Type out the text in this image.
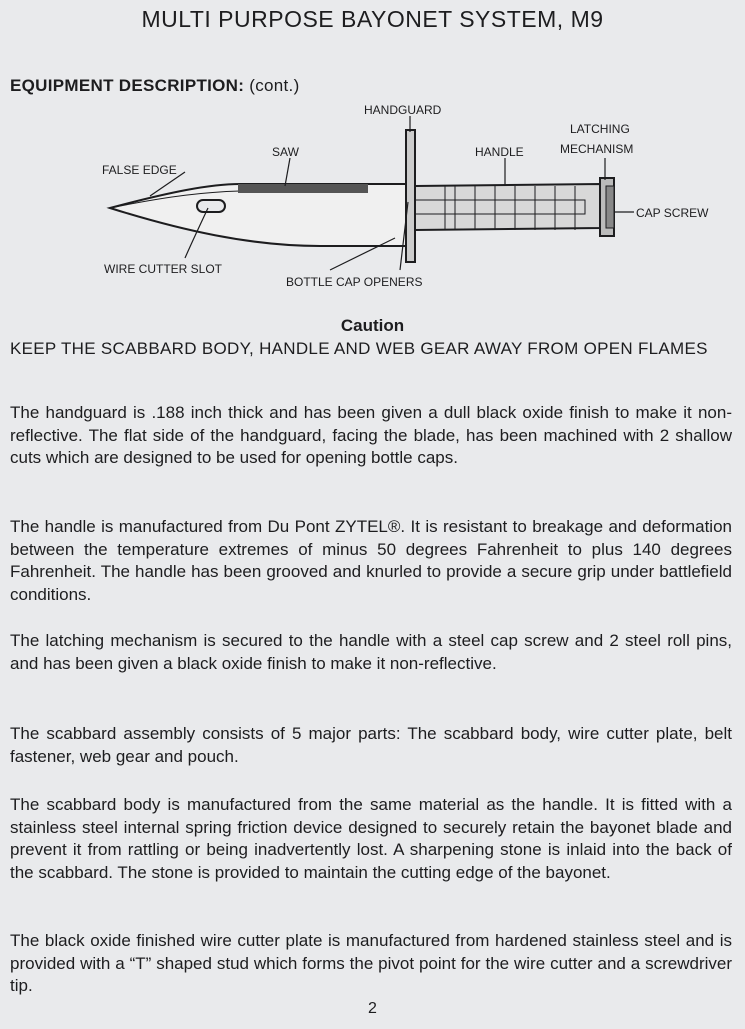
MULTI PURPOSE BAYONET SYSTEM, M9
EQUIPMENT DESCRIPTION: (cont.)
HANDGUARD
LATCHING
MECHANISM
SAW	HANDLE
FALSE EDGE
CAP SCREW
WIRE CUTTER SLOT
BOTTLE CAP OPENERS
Caution
KEEP THE SCABBARD BODY, HANDLE AND WEB GEAR AWAY FROM OPEN FLAMES

The handguard is .188 inch thick and has been given a dull black oxide finish to make it non-reflective. The flat side of the handguard, facing the blade, has been machined with 2 shallow cuts which are designed to be used for opening bottle caps.

The handle is manufactured from Du Pont ZYTEL®. It is resistant to breakage and deformation between the temperature extremes of minus 50 degrees Fahrenheit to plus 140 degrees Fahrenheit. The handle has been grooved and knurled to provide a secure grip under battlefield conditions.

The latching mechanism is secured to the handle with a steel cap screw and 2 steel roll pins, and has been given a black oxide finish to make it non-reflective.

The scabbard assembly consists of 5 major parts: The scabbard body, wire cutter plate, belt fastener, web gear and pouch.

The scabbard body is manufactured from the same material as the handle. It is fitted with a stainless steel internal spring friction device designed to securely retain the bayonet blade and prevent it from rattling or being inadvertently lost. A sharpening stone is inlaid into the back of the scabbard. The stone is provided to maintain the cutting edge of the bayonet.

The black oxide finished wire cutter plate is manufactured from hardened stainless steel and is provided with a “T” shaped stud which forms the pivot point for the wire cutter and a screwdriver tip.

2
